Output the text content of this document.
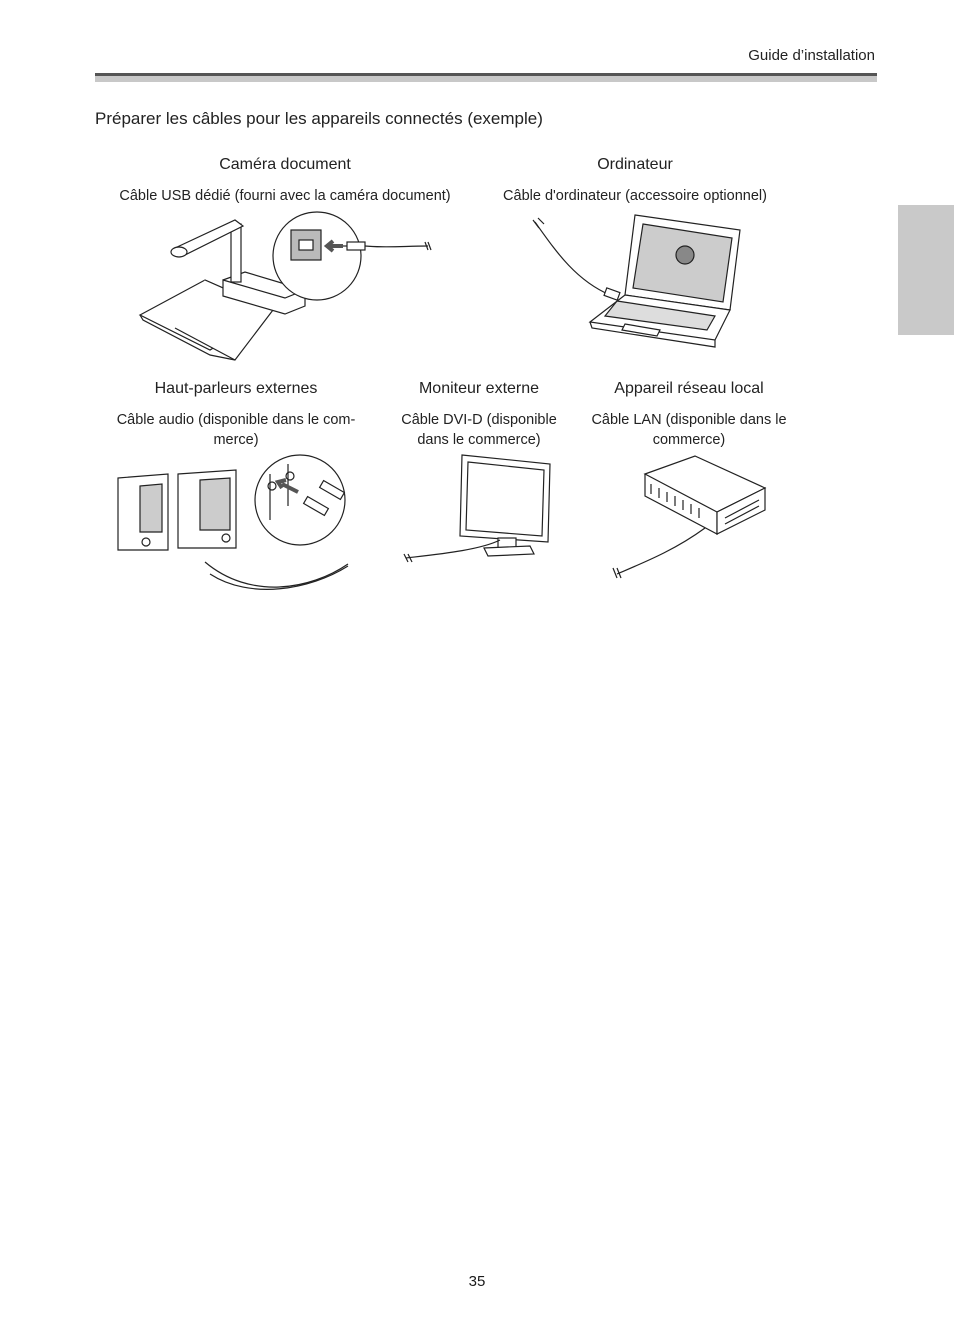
Guide d’installation
Préparer les câbles pour les appareils connectés (exemple)
Caméra document
Câble USB dédié (fourni avec la caméra document)
Ordinateur
Câble d'ordinateur (accessoire optionnel)
Haut-parleurs externes
Câble audio (disponible dans le com-merce)
Moniteur externe
Câble DVI-D (disponible dans le commerce)
Appareil réseau local
Câble LAN (disponible dans le commerce)
35
